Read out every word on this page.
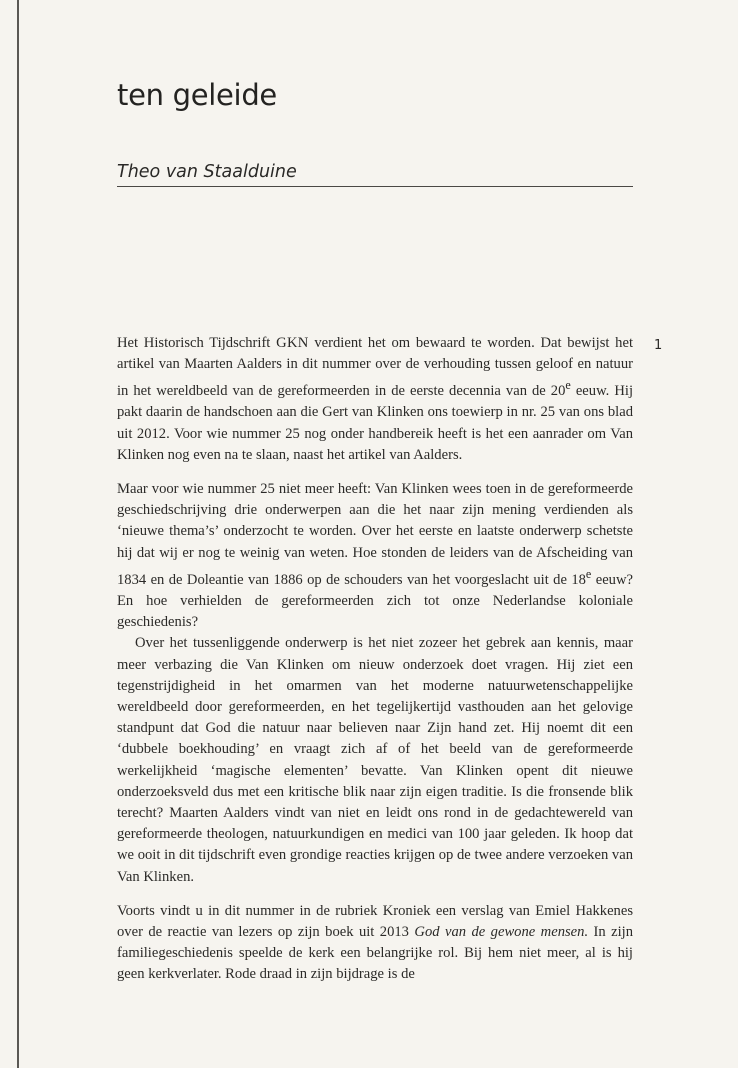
ten geleide
Theo van Staalduine

Het Historisch Tijdschrift GKN verdient het om bewaard te worden. Dat bewijst het artikel van Maarten Aalders in dit nummer over de verhouding tussen geloof en natuur in het wereldbeeld van de gereformeerden in de eerste decennia van de 20e eeuw. Hij pakt daarin de handschoen aan die Gert van Klinken ons toewierp in nr. 25 van ons blad uit 2012. Voor wie nummer 25 nog onder handbereik heeft is het een aanrader om Van Klinken nog even na te slaan, naast het artikel van Aalders.

Maar voor wie nummer 25 niet meer heeft: Van Klinken wees toen in de gereformeerde geschiedschrijving drie onderwerpen aan die het naar zijn mening verdienden als ‘nieuwe thema’s’ onderzocht te worden. Over het eerste en laatste onderwerp schetste hij dat wij er nog te weinig van weten. Hoe stonden de leiders van de Afscheiding van 1834 en de Doleantie van 1886 op de schouders van het voorgeslacht uit de 18e eeuw? En hoe verhielden de gereformeerden zich tot onze Nederlandse koloniale geschiedenis?

Over het tussenliggende onderwerp is het niet zozeer het gebrek aan kennis, maar meer verbazing die Van Klinken om nieuw onderzoek doet vragen. Hij ziet een tegenstrijdigheid in het omarmen van het moderne natuurwetenschappelijke wereldbeeld door gereformeerden, en het tegelijkertijd vasthouden aan het gelovige standpunt dat God die natuur naar believen naar Zijn hand zet. Hij noemt dit een ‘dubbele boekhouding’ en vraagt zich af of het beeld van de gereformeerde werkelijkheid ‘magische elementen’ bevatte. Van Klinken opent dit nieuwe onderzoeksveld dus met een kritische blik naar zijn eigen traditie. Is die fronsende blik terecht? Maarten Aalders vindt van niet en leidt ons rond in de gedachtewereld van gereformeerde theologen, natuurkundigen en medici van 100 jaar geleden. Ik hoop dat we ooit in dit tijdschrift even grondige reacties krijgen op de twee andere verzoeken van Van Klinken.

Voorts vindt u in dit nummer in de rubriek Kroniek een verslag van Emiel Hakkenes over de reactie van lezers op zijn boek uit 2013 God van de gewone mensen. In zijn familiegeschiedenis speelde de kerk een belangrijke rol. Bij hem niet meer, al is hij geen kerkverlater. Rode draad in zijn bijdrage is de

1
